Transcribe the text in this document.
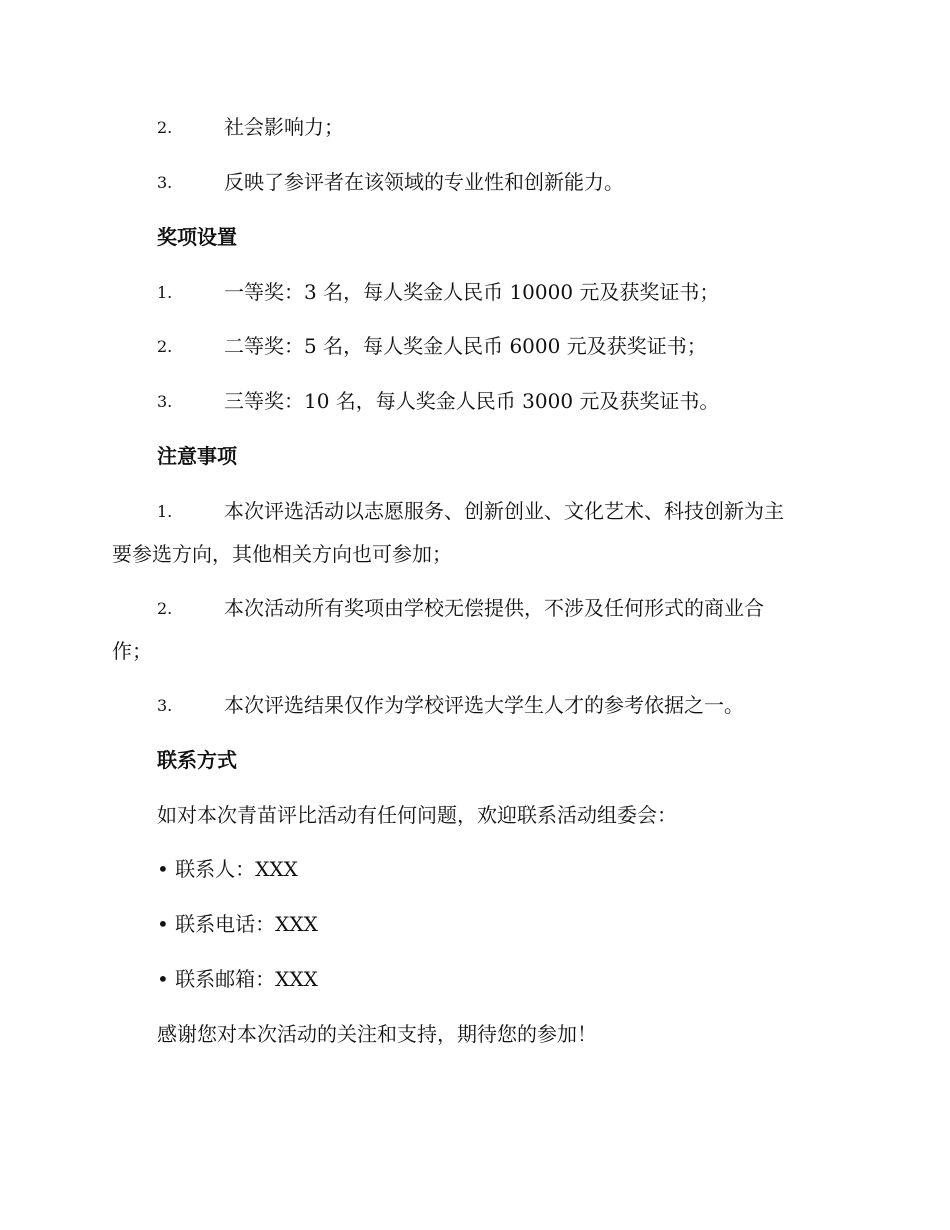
2.	社会影响力；
3.	反映了参评者在该领域的专业性和创新能力。
奖项设置
1.	一等奖：3 名，每人奖金人民币 10000 元及获奖证书；
2.	二等奖：5 名，每人奖金人民币 6000 元及获奖证书；
3.	三等奖：10 名，每人奖金人民币 3000 元及获奖证书。
注意事项
1.	本次评选活动以志愿服务、创新创业、文化艺术、科技创新为主
要参选方向，其他相关方向也可参加；
2.	本次活动所有奖项由学校无偿提供，不涉及任何形式的商业合
作；
3.	本次评选结果仅作为学校评选大学生人才的参考依据之一。
联系方式
如对本次青苗评比活动有任何问题，欢迎联系活动组委会：
• 联系人：XXX
• 联系电话：XXX
• 联系邮箱：XXX
感谢您对本次活动的关注和支持，期待您的参加！
